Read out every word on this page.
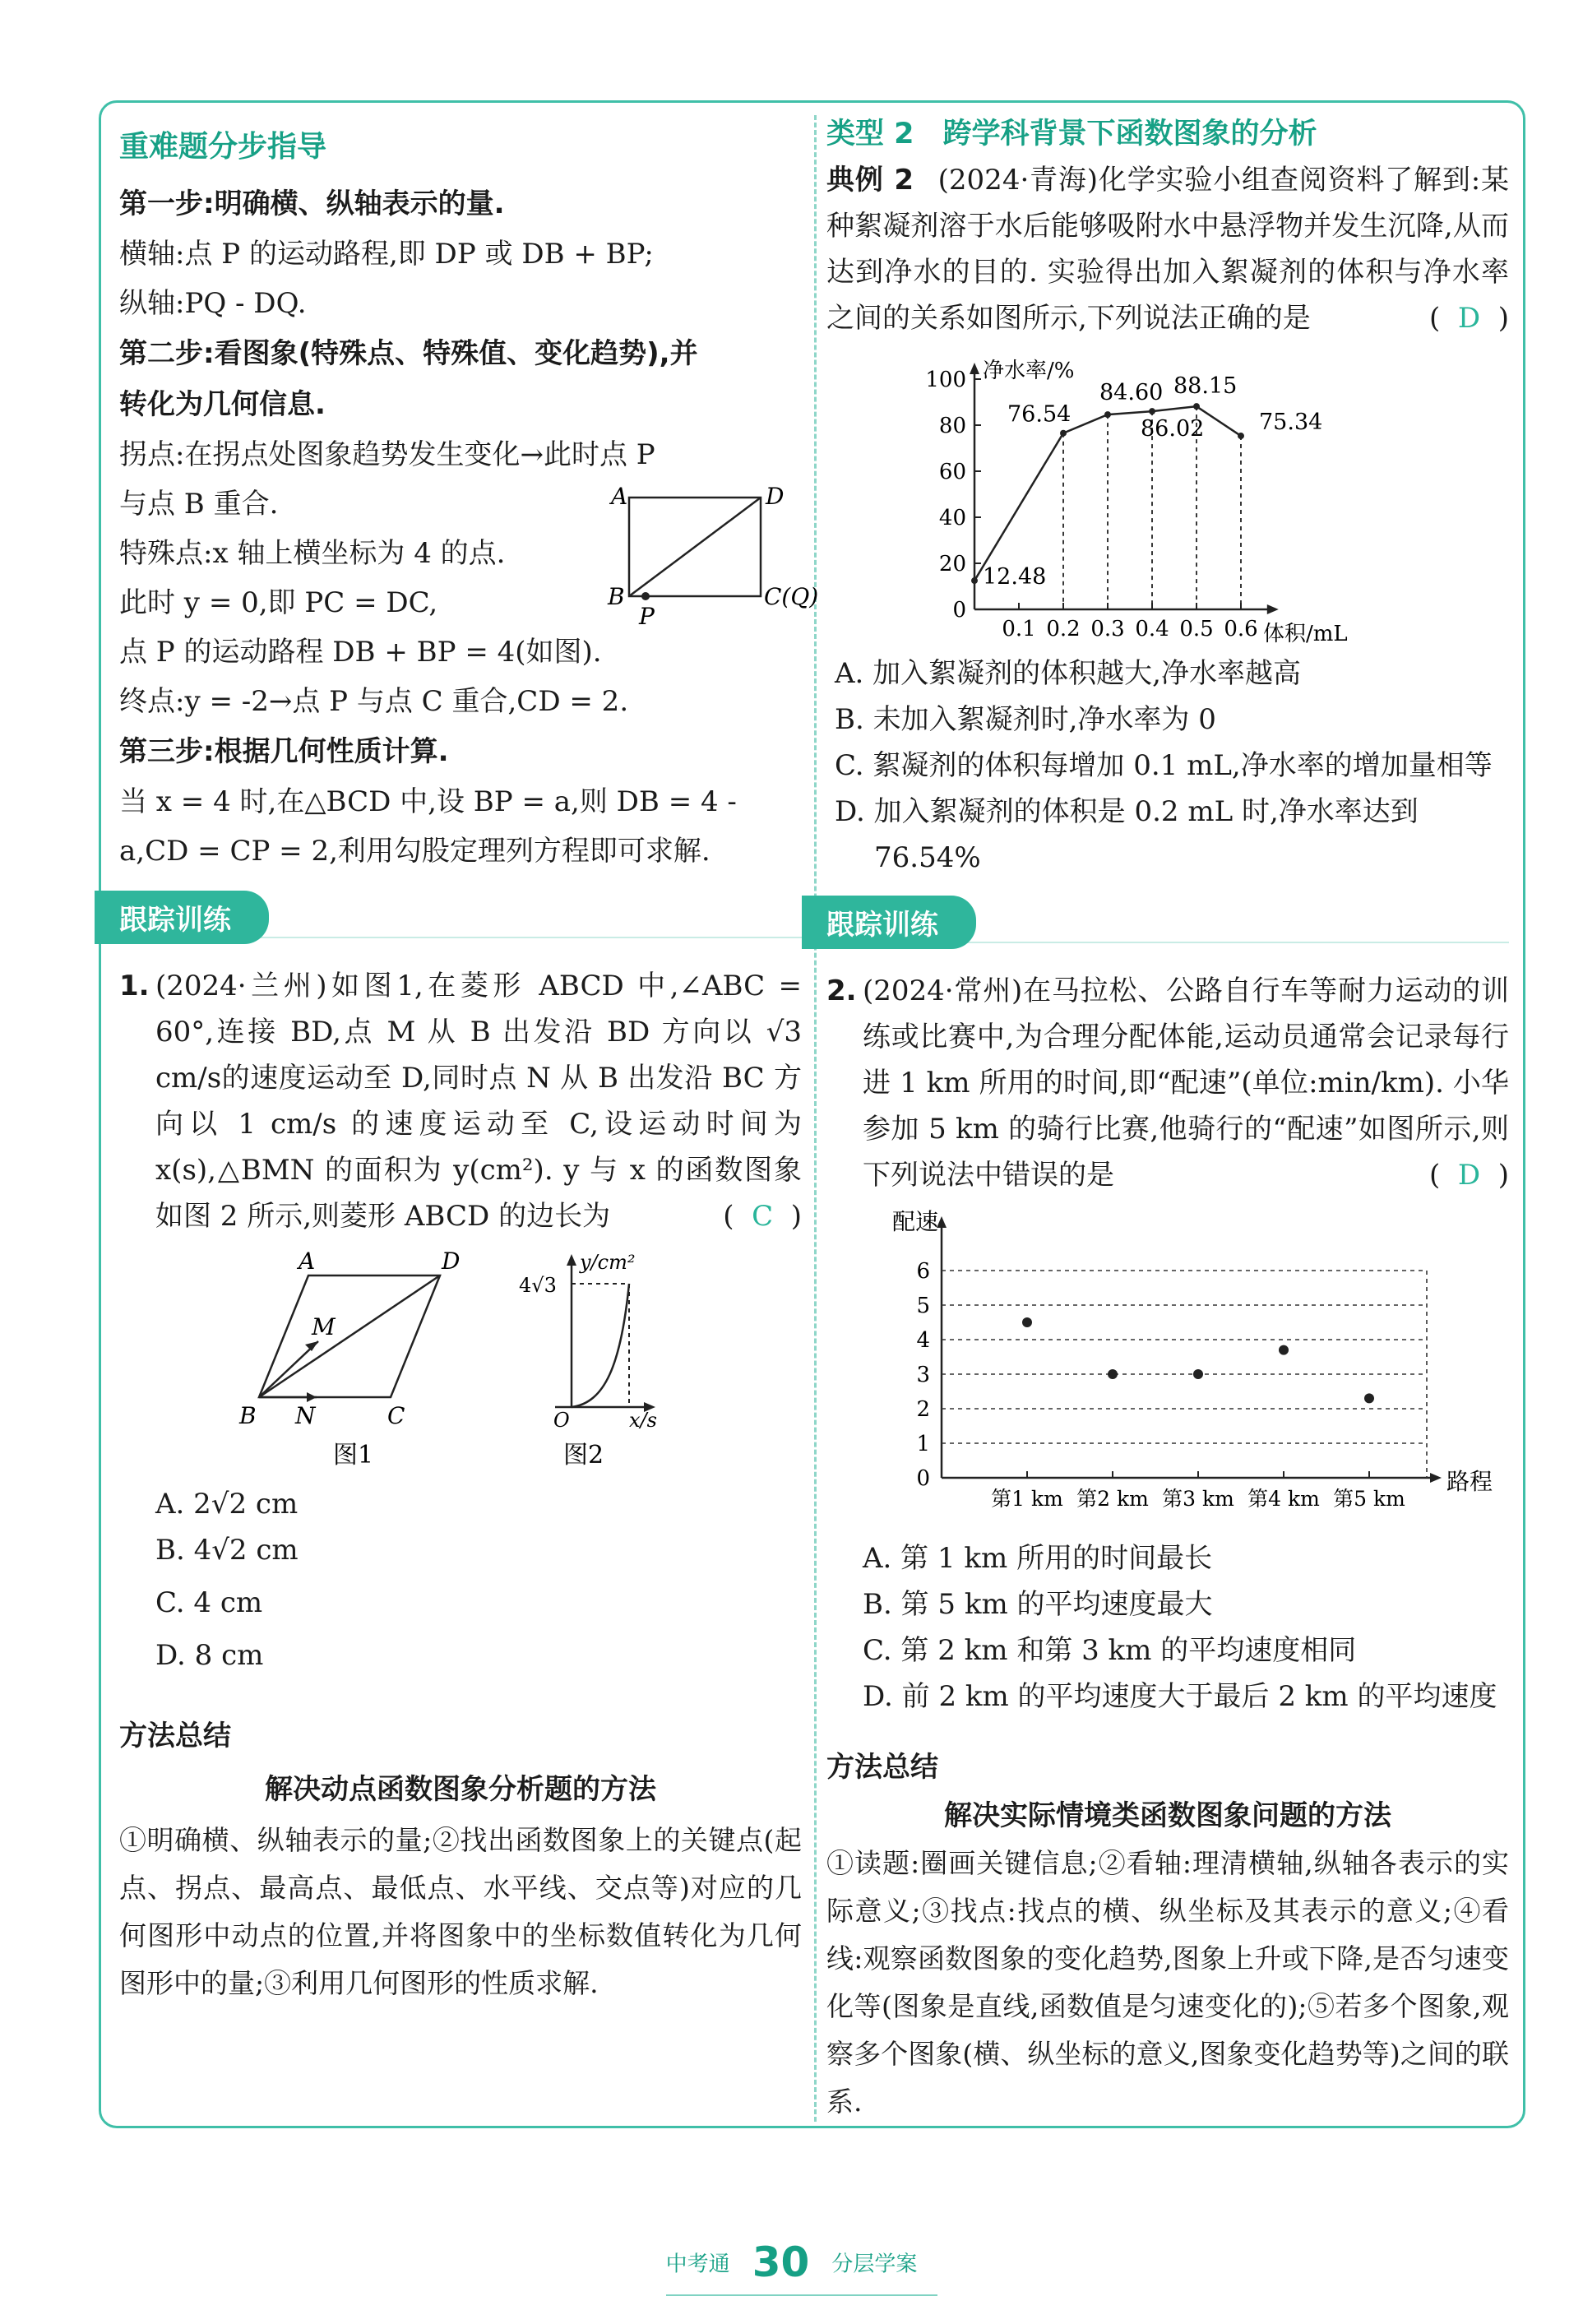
重难题分步指导
第一步:明确横、纵轴表示的量.
横轴:点 P 的运动路程,即 DP 或 DB + BP;
纵轴:PQ - DQ.
第二步:看图象(特殊点、特殊值、变化趋势),并
转化为几何信息.
拐点:在拐点处图象趋势发生变化→此时点 P
与点 B 重合.
特殊点:x 轴上横坐标为 4 的点.
此时 y = 0,即 PC = DC,
A	D
B	C(Q)
P
点 P 的运动路程 DB + BP = 4(如图).
终点:y = -2→点 P 与点 C 重合,CD = 2.
第三步:根据几何性质计算.
当 x = 4 时,在△BCD 中,设 BP = a,则 DB = 4 -
a,CD = CP = 2,利用勾股定理列方程即可求解.
跟踪训练
1. (2024·兰州)如图1,在菱形 ABCD 中,∠ABC = 60°,连接 BD,点 M 从 B 出发沿 BD 方向以 √3 cm/s的速度运动至 D,同时点 N 从 B 出发沿 BC 方向以 1 cm/s 的速度运动至 C,设运动时间为 x(s),△BMN 的面积为 y(cm²). y 与 x 的函数图象如图 2 所示,则菱形 ABCD 的边长为	(  C  )
A	D
M
B N	C
图1
y/cm²
4√3
O	x/s
图2
A. 2√2 cm
B. 4√2 cm
C. 4 cm
D. 8 cm
方法总结
解决动点函数图象分析题的方法
①明确横、纵轴表示的量;②找出函数图象上的关键点(起点、拐点、最高点、最低点、水平线、交点等)对应的几何图形中动点的位置,并将图象中的坐标数值转化为几何图形中的量;③利用几何图形的性质求解.
类型 2　跨学科背景下函数图象的分析
典例 2 (2024·青海)化学实验小组查阅资料了解到:某种絮凝剂溶于水后能够吸附水中悬浮物并发生沉降,从而达到净水的目的. 实验得出加入絮凝剂的体积与净水率之间的关系如图所示,下列说法正确的是	(  D  )
0
20
40
60
80
100
0.1 0.2 0.3 0.4 0.5 0.6
净水率/%
体积/mL
12.48
76.54
84.60
86.02
88.15
75.34
A. 加入絮凝剂的体积越大,净水率越高
B. 未加入絮凝剂时,净水率为 0
C. 絮凝剂的体积每增加 0.1 mL,净水率的增加量相等
D. 加入絮凝剂的体积是 0.2 mL 时,净水率达到 76.54%
跟踪训练
2. (2024·常州)在马拉松、公路自行车等耐力运动的训练或比赛中,为合理分配体能,运动员通常会记录每行进 1 km 所用的时间,即“配速”(单位:min/km). 小华参加 5 km 的骑行比赛,他骑行的“配速”如图所示,则下列说法中错误的是	(  D  )
0
1
2
3
4
5
6
第1 km 第2 km 第3 km 第4 km 第5 km
配速
路程
A. 第 1 km 所用的时间最长
B. 第 5 km 的平均速度最大
C. 第 2 km 和第 3 km 的平均速度相同
D. 前 2 km 的平均速度大于最后 2 km 的平均速度
方法总结
解决实际情境类函数图象问题的方法
①读题:圈画关键信息;②看轴:理清横轴,纵轴各表示的实际意义;③找点:找点的横、纵坐标及其表示的意义;④看线:观察函数图象的变化趋势,图象上升或下降,是否匀速变化等(图象是直线,函数值是匀速变化的);⑤若多个图象,观察多个图象(横、纵坐标的意义,图象变化趋势等)之间的联系.
中考通 30 分层学案
